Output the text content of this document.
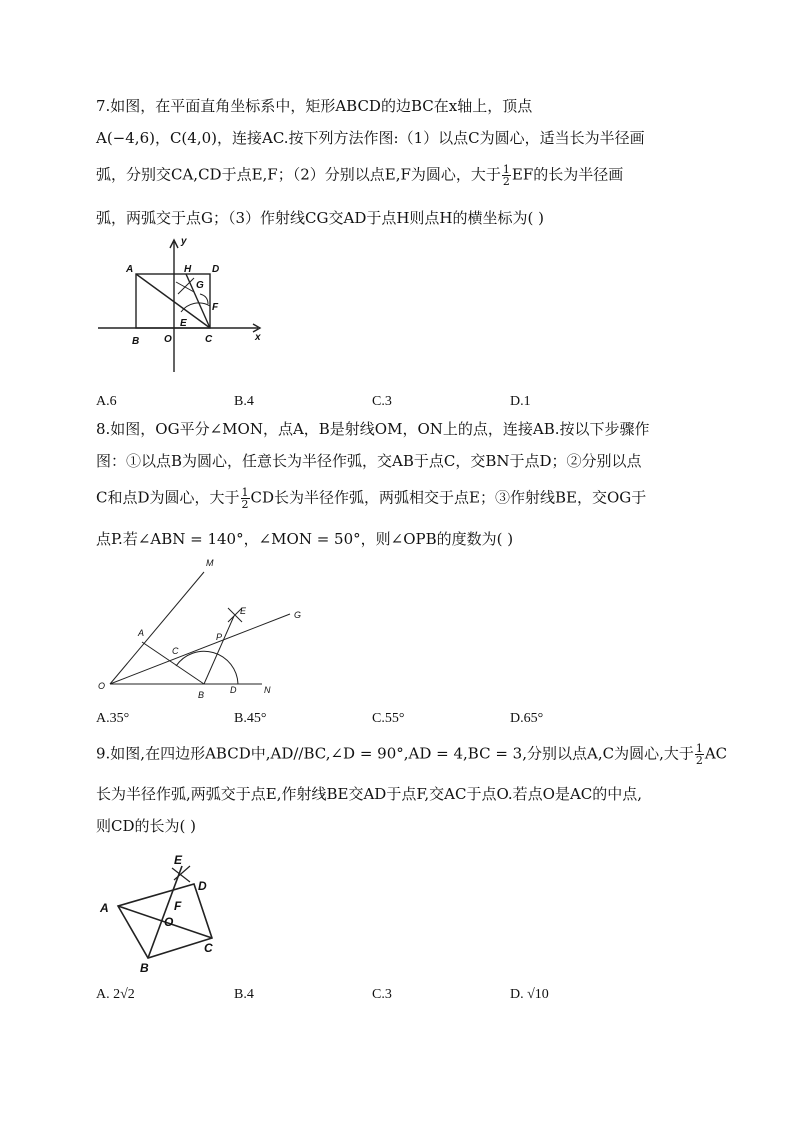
7.如图，在平面直角坐标系中，矩形ABCD的边BC在x轴上，顶点
A(−4,6)，C(4,0)，连接AC.按下列方法作图:（1）以点C为圆心，适当长为半径画
弧，分别交CA,CD于点E,F；（2）分别以点E,F为圆心，大于 $\frac{1}{2}$ EF的长为半径画
弧，两弧交于点G；（3）作射线CG交AD于点H则点H的横坐标为( )
y
x
A	H D
G
F
E
B O	C
A.6	B.4	C.3	D.1
8.如图，OG平分∠MON，点A，B是射线OM，ON上的点，连接AB.按以下步骤作
图：①以点B为圆心，任意长为半径作弧，交AB于点C，交BN于点D；②分别以点
C和点D为圆心，大于 $\frac{1}{2}$ CD长为半径作弧，两弧相交于点E；③作射线BE，交OG于
点P.若∠ABN = 140°，∠MON = 50°，则∠OPB的度数为( )
M
E	G
A	P
C
O
B	D	N
A.35°	B.45°	C.55°	D.65°
9.如图,在四边形ABCD中,AD//BC,∠D = 90°,AD = 4,BC = 3,分别以点A,C为圆心,大于 $\frac{1}{2}$ AC
长为半径作弧,两弧交于点E,作射线BE交AD于点F,交AC于点O.若点O是AC的中点,
则CD的长为( )
E
D
A	F
O
B
C
A. 2√2	B.4	C.3	D. √10
